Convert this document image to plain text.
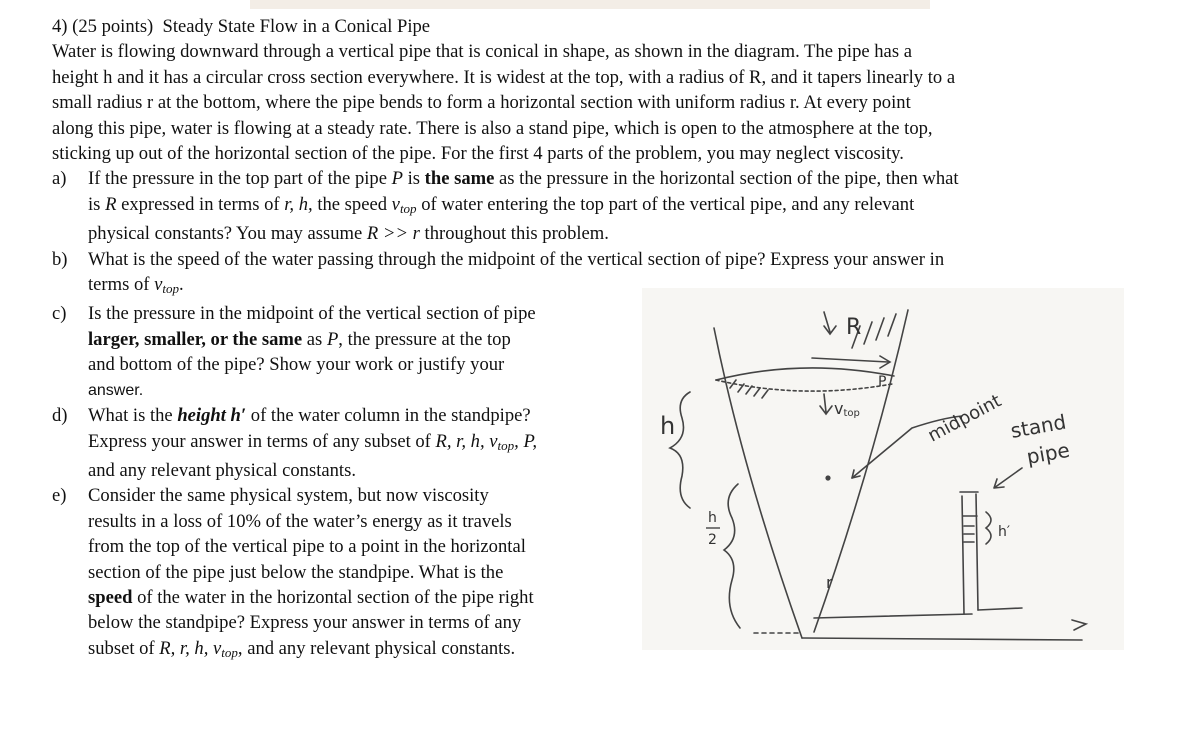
4) (25 points) Steady State Flow in a Conical Pipe

Water is flowing downward through a vertical pipe that is conical in shape, as shown in the diagram. The pipe has a

height h and it has a circular cross section everywhere. It is widest at the top, with a radius of R, and it tapers linearly to a

small radius r at the bottom, where the pipe bends to form a horizontal section with uniform radius r. At every point

along this pipe, water is flowing at a steady rate. There is also a stand pipe, which is open to the atmosphere at the top,

sticking up out of the horizontal section of the pipe. For the first 4 parts of the problem, you may neglect viscosity.

a)	If the pressure in the top part of the pipe P is the same as the pressure in the horizontal section of the pipe, then what
is R expressed in terms of r, h, the speed $v_{top}$ of water entering the top part of the vertical pipe, and any relevant
physical constants? You may assume R >> r throughout this problem.
b)	What is the speed of the water passing through the midpoint of the vertical section of pipe? Express your answer in
terms of $v_{top}$.
c)	Is the pressure in the midpoint of the vertical section of pipe
larger, smaller, or the same as P, the pressure at the top
and bottom of the pipe? Show your work or justify your
answer.
d)	What is the height h′ of the water column in the standpipe?
Express your answer in terms of any subset of R, r, h, $v_{top}$, P,
and any relevant physical constants.
e)	Consider the same physical system, but now viscosity
results in a loss of 10% of the water’s energy as it travels
from the top of the vertical pipe to a point in the horizontal
section of the pipe just below the standpipe. What is the
speed of the water in the horizontal section of the pipe right
below the standpipe? Express your answer in terms of any
subset of R, r, h, $v_{top}$, and any relevant physical constants.
R
P
vtop
h
h
2
r
midpoint stand
pipe
h′
